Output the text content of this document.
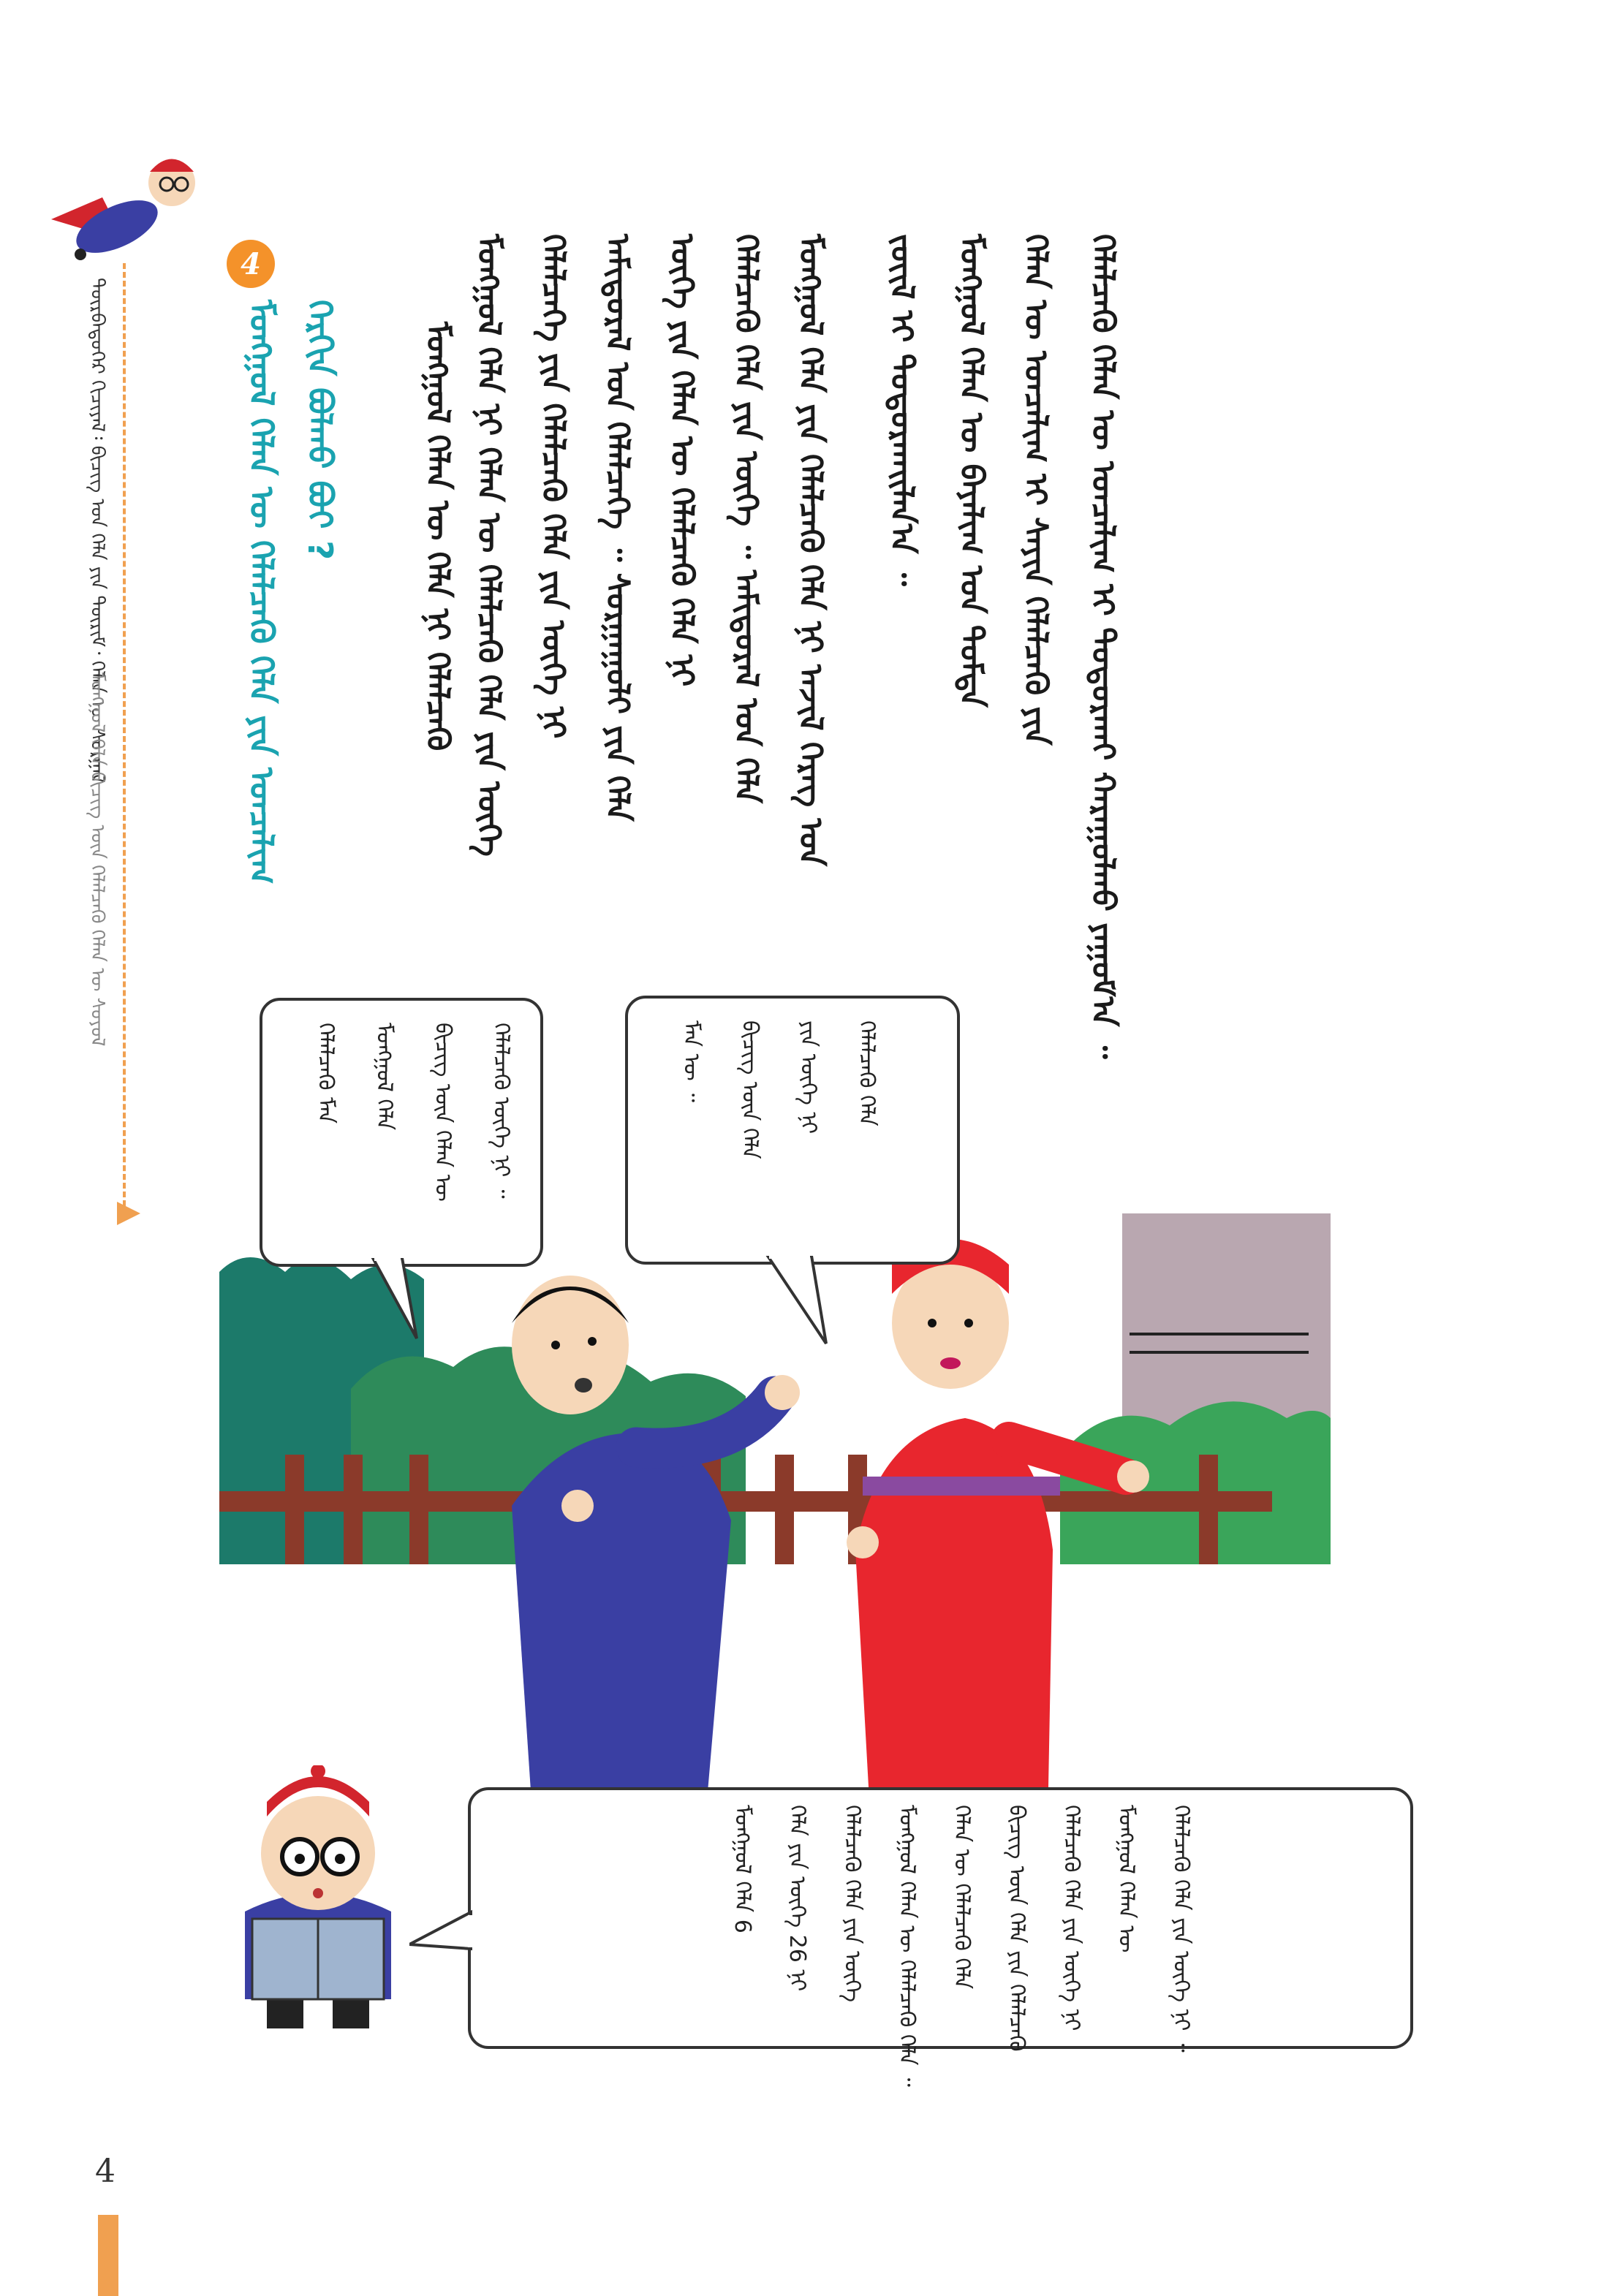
ᠳᠦᠷᠪᠡᠳᠦᠭᠡᠷ ᠬᠢᠴᠢᠶᠡᠯ᠄ ᠪᠢᠴᠢᠭ ᠤᠨ ᠬᠡᠯᠡ ᠶᠢᠨ ᠳᠦᠷᠢᠮ᠂ ᠬᠡᠯᠡᠨ ᠦ ᠰᠤᠷᠭᠠᠯ
ᠮᠣᠩᠭᠣᠯ ᠬᠡᠯᠡ ᠪᠢᠴᠢᠭ ᠦᠨ ᠬᠡᠯᠡᠯᠴᠡᠬᠦ ᠬᠡᠯᠡᠨ ᠦ ᠰᠣᠶᠣᠯ
4
ᠮᠣᠩᠭᠣᠯ ᠬᠡᠯᠡᠨ ᠦ ᠬᠡᠯᠡᠯᠴᠡᠬᠦ ᠬᠡᠯᠡ ᠶᠢᠨ ᠣᠨᠴᠠᠯᠢᠭ ᠬᠡᠷᠬᠢᠨ ᠪᠣᠯᠬᠤ ᠪᠤᠢ ?	ᠬᠡᠯᠡᠯᠴᠡᠬᠦ ᠬᠡᠯᠡᠨ ᠦ ᠣᠨᠴᠠᠯᠢᠭ ᠢ ᠲᠣᠳᠣᠷᠬᠠᠢ ᠬᠠᠷᠠᠭᠤᠯᠬᠤ ᠶᠠᠭᠤᠮ᠎ᠠ ᠃
ᠬᠡᠯᠡᠨ ᠦ ᠣᠨᠴᠠᠯᠢᠭ ᠢ ᠰᠠᠶᠢᠨ ᠬᠡᠯᠡᠯᠴᠡᠬᠦ ᠶᠢᠨ
ᠮᠣᠩᠭᠣᠯ ᠬᠡᠯᠡᠨ ᠦ ᠪᠠᠶᠠᠯᠢᠭ ᠤᠨ ᠳᠤᠮᠳᠠ
ᠵᠦᠢᠯ ᠢ ᠲᠣᠳᠣᠷᠬᠠᠢᠯᠠᠨ᠎ᠠ ᠃
ᠮᠣᠩᠭᠣᠯ ᠬᠡᠯᠡ ᠶᠢᠨ ᠬᠡᠯᠡᠯᠴᠡᠬᠦ ᠬᠡᠯᠡ ᠨᠢ ᠠᠵᠢᠯ ᠬᠡᠷᠡᠭ ᠤᠨ
ᠬᠡᠯᠡᠯᠴᠡᠬᠦ ᠬᠡᠯᠡ ᠶᠢᠨ ᠦᠭᠡ ᠃ ᠠᠮᠢᠳᠤᠷᠠᠯ ᠤᠨ ᠬᠡᠯᠡ
ᠦᠭᠡ ᠶᠢᠨ ᠬᠡᠯᠡᠨ ᠦ ᠬᠡᠯᠡᠯᠴᠡᠬᠦ ᠬᠡᠯᠡ ᠨᠢ
ᠠᠮᠢᠳᠤᠷᠠᠯ ᠤᠨ ᠬᠡᠯᠡᠯᠴᠡᠭᠡ ᠃ ᠰᠤᠷᠭᠠᠭᠤᠯᠢ ᠶᠢᠨ ᠬᠡᠯᠡ
ᠬᠡᠯᠡᠯᠴᠡᠭᠡ ᠶᠢᠨ ᠬᠡᠯᠡᠯᠴᠡᠬᠦ ᠬᠡᠯᠡ ᠶᠢᠨ ᠦᠭᠡ ᠨᠢ
ᠮᠣᠩᠭᠣᠯ ᠬᠡᠯᠡ ᠨᠢ ᠬᠡᠯᠡᠨ ᠦ ᠬᠡᠯᠡᠯᠴᠡᠬᠦ ᠬᠡᠯᠡ ᠶᠢᠨ ᠦᠭᠡ
ᠮᠣᠩᠭᠣᠯ ᠬᠡᠯᠡᠨ ᠦ ᠬᠡᠯᠡ ᠨᠢ ᠬᠡᠯᠡᠯᠴᠡᠬᠦ
ᠬᠡᠯᠡᠯᠴᠡᠬᠦ ᠦᠭᠡ ᠨᠢ ᠃
ᠪᠢᠴᠢᠭ ᠦᠨ ᠬᠡᠯᠡᠨ ᠦ
ᠮᠣᠩᠭᠣᠯ ᠬᠡᠯᠡ
ᠬᠡᠯᠡᠯᠴᠡᠬᠦ ᠮᠠᠨ	ᠬᠡᠯᠡᠯᠴᠡᠬᠦ ᠬᠡᠯᠡ
ᠶᠢᠨ ᠦᠭᠡ ᠨᠢ
ᠪᠢᠴᠢᠭ ᠦᠨ ᠬᠡᠯᠡ
ᠮᠠᠨ ᠦ ᠃
ᠬᠡᠯᠡᠯᠴᠡᠬᠦ ᠬᠡᠯᠡ ᠶᠢᠨ ᠦᠭᠡ ᠨᠢ ᠃
ᠮᠣᠩᠭᠣᠯ ᠬᠡᠯᠡᠨ ᠦ
ᠬᠡᠯᠡᠯᠴᠡᠬᠦ ᠬᠡᠯᠡ ᠶᠢᠨ ᠦᠭᠡ ᠨᠢ
ᠪᠢᠴᠢᠭ ᠦᠨ ᠬᠡᠯᠡ ᠶᠢᠨ ᠬᠡᠯᠡᠯᠴᠡᠬᠦ
ᠬᠡᠯᠡᠨ ᠦ ᠬᠡᠯᠡᠯᠴᠡᠬᠦ ᠬᠡᠯᠡ
ᠮᠣᠩᠭᠣᠯ ᠬᠡᠯᠡᠨ ᠦ ᠬᠡᠯᠡᠯᠴᠡᠬᠦ ᠬᠡᠯᠡ ᠃
ᠬᠡᠯᠡᠯᠴᠡᠬᠦ ᠬᠡᠯᠡ ᠶᠢᠨ ᠦᠭᠡ
ᠬᠡᠯᠡ ᠶᠢᠨ ᠦᠭᠡ 26 ᠨᠢ
ᠮᠣᠩᠭᠣᠯ ᠬᠡᠯᠡ 6
4
